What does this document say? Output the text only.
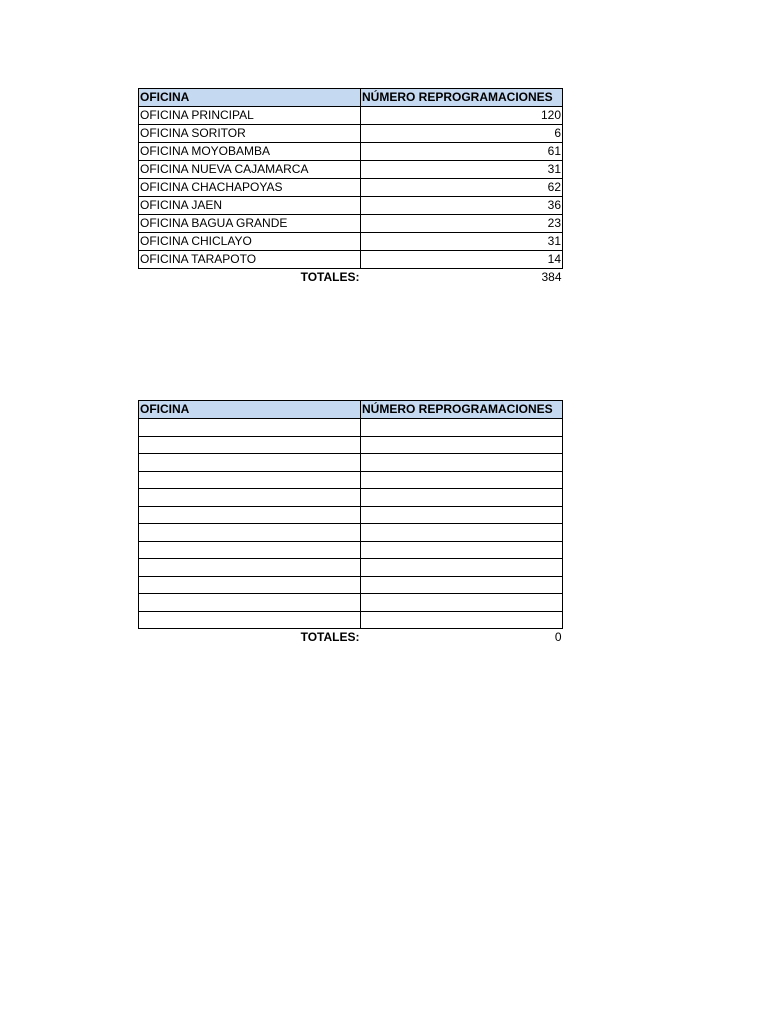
OFICINA	NÚMERO REPROGRAMACIONES
OFICINA PRINCIPAL	120
OFICINA SORITOR	6
OFICINA MOYOBAMBA	61
OFICINA NUEVA CAJAMARCA	31
OFICINA CHACHAPOYAS	62
OFICINA JAEN	36
OFICINA BAGUA GRANDE	23
OFICINA CHICLAYO	31
OFICINA TARAPOTO	14
TOTALES:	384
OFICINA	NÚMERO REPROGRAMACIONES

TOTALES:	0
